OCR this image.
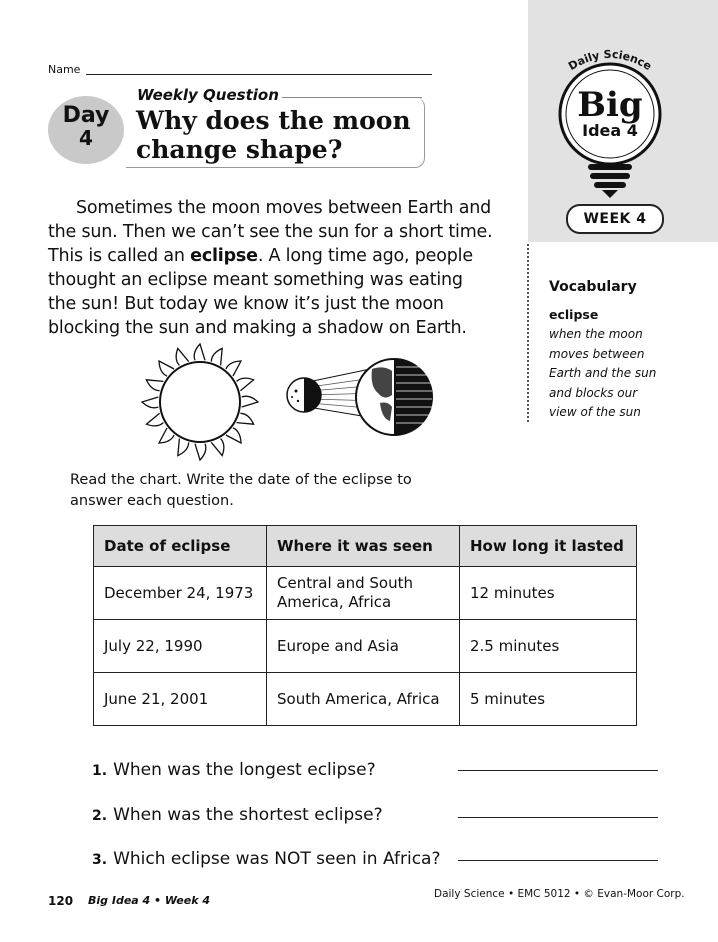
Name
Day
4
Weekly Question
Why does the moon
change shape?
Daily Science
Big
Idea 4
WEEK 4
Sometimes the moon moves between Earth and the sun. Then we can’t see the sun for a short time. This is called an eclipse. A long time ago, people thought an eclipse meant something was eating the sun! But today we know it’s just the moon blocking the sun and making a shadow on Earth.
Vocabulary
eclipse
when the moon moves between Earth and the sun and blocks our view of the sun
Read the chart. Write the date of the eclipse to answer each question.
Date of eclipse	Where it was seen	How long it lasted
December 24, 1973	Central and South America, Africa	12 minutes
July 22, 1990	Europe and Asia	2.5 minutes
June 21, 2001	South America, Africa	5 minutes
1. When was the longest eclipse?
2. When was the shortest eclipse?
3. Which eclipse was NOT seen in Africa?
120 Big Idea 4 • Week 4	Daily Science • EMC 5012 • © Evan-Moor Corp.
